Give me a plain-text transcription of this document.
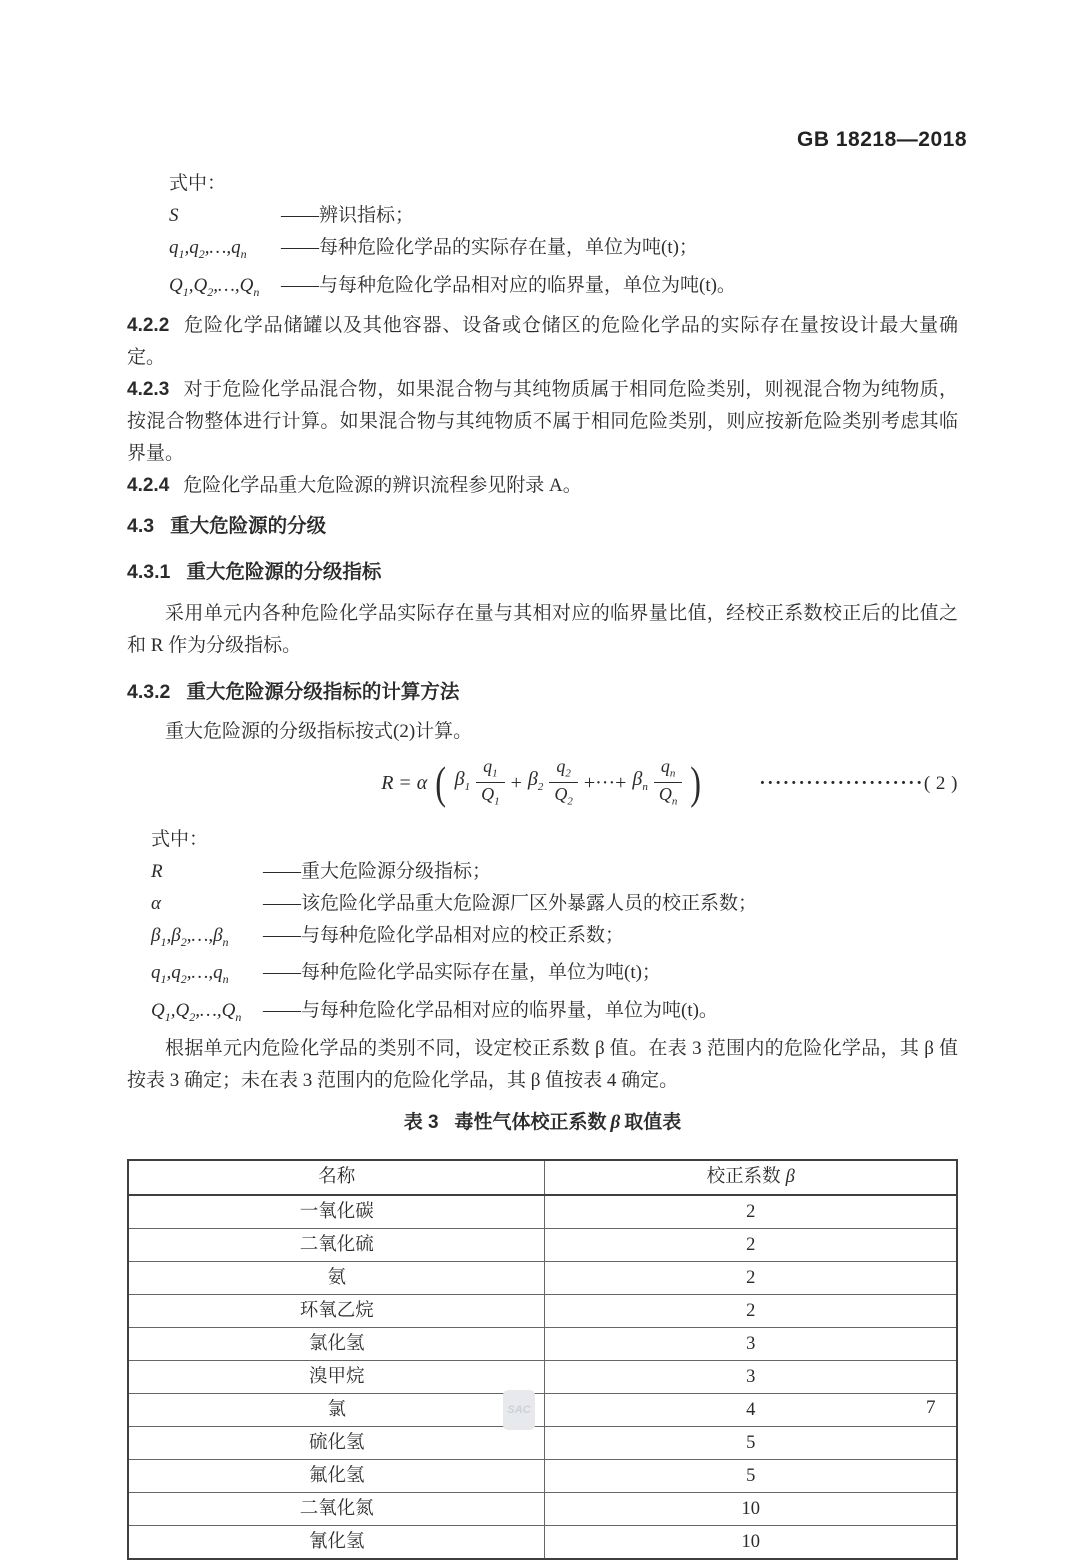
GB 18218—2018
式中：
S	——辨识指标；
$q_1,q_2,\dots,q_n$	——每种危险化学品的实际存在量，单位为吨(t)；
$Q_1,Q_2,\dots,Q_n$	——与每种危险化学品相对应的临界量，单位为吨(t)。

4.2.2 危险化学品储罐以及其他容器、设备或仓储区的危险化学品的实际存在量按设计最大量确定。

4.2.3 对于危险化学品混合物，如果混合物与其纯物质属于相同危险类别，则视混合物为纯物质，按混合物整体进行计算。如果混合物与其纯物质不属于相同危险类别，则应按新危险类别考虑其临界量。

4.2.4 危险化学品重大危险源的辨识流程参见附录 A。

4.3 重大危险源的分级
4.3.1 重大危险源的分级指标

采用单元内各种危险化学品实际存在量与其相对应的临界量比值，经校正系数校正后的比值之和 R 作为分级指标。

4.3.2 重大危险源分级指标的计算方法

重大危险源的分级指标按式(2)计算。

R = α ( $\beta_1 \frac{q_1}{Q_1} + \beta_2 \frac{q_2}{Q_2}$ +···+ $\beta_n \frac{q_n}{Q_n}$ )	·····················( 2 )
式中：
R	——重大危险源分级指标；
α	——该危险化学品重大危险源厂区外暴露人员的校正系数；
$\beta_1,\beta_2,\dots,\beta_n$	——与每种危险化学品相对应的校正系数；
$q_1,q_2,\dots,q_n$	——每种危险化学品实际存在量，单位为吨(t)；
$Q_1,Q_2,\dots,Q_n$	——与每种危险化学品相对应的临界量，单位为吨(t)。

根据单元内危险化学品的类别不同，设定校正系数 β 值。在表 3 范围内的危险化学品，其 β 值按表 3 确定；未在表 3 范围内的危险化学品，其 β 值按表 4 确定。

表 3 毒性气体校正系数 β 取值表
名称	校正系数 β
一氧化碳	2
二氧化硫	2
氨	2
环氧乙烷	2
氯化氢	3
溴甲烷	3
氯	4
硫化氢	5
氟化氢	5
二氧化氮	10
氰化氢	10
SAC	7
